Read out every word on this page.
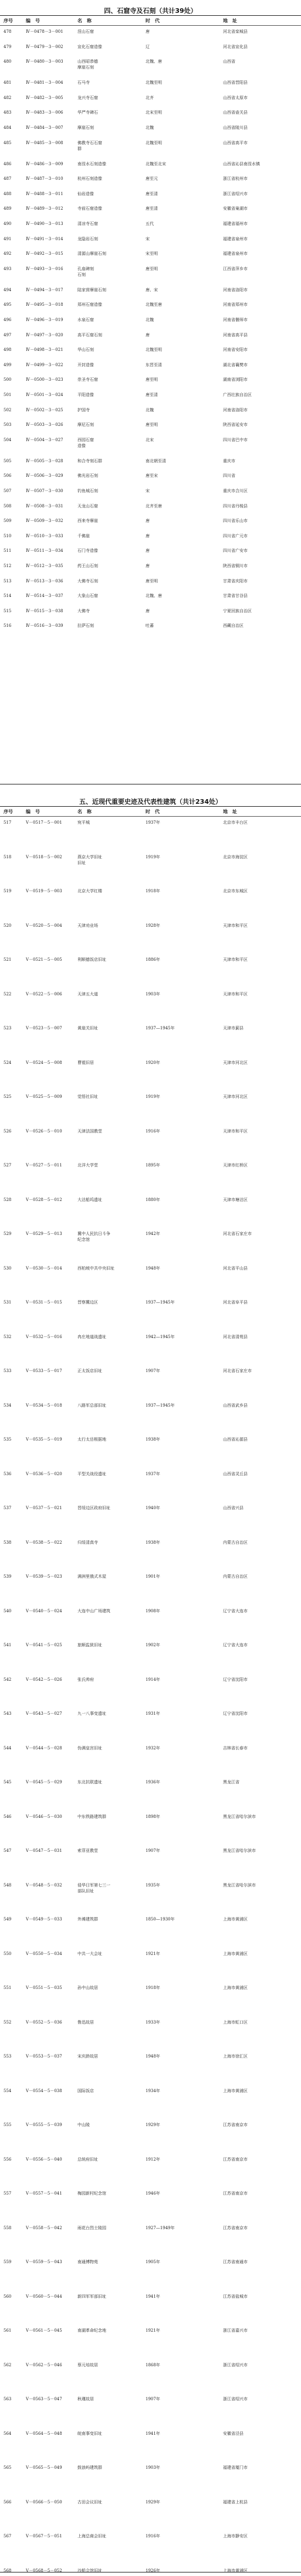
四、石窟寺及石刻（共计39处）
序号	编　号	名　称	时　代	地　址
478	Ⅳ－0478－3－001	涅山石窟	唐	河北省栾城县
479	Ⅳ－0479－3－002	宣化石窟造像	辽	河北省宣化县
480	Ⅳ－0480－3－003	山西昭恭德	北魏、唐	山西省
摩崖石刻
481	Ⅳ－0481－3－004	石马寺	北魏至明	山西省晋阳县
482	Ⅳ－0482－3－005	龙兴寺石窟	北齐	山西省太原市
483	Ⅳ－0483－3－006	华严寺碑石	北宋至明	山西省壶关县
484	Ⅳ－0484－3－007	摩崖石刻	北魏	山西省陵川县
485	Ⅳ－0485－3－008	佛教寺石石窟	北魏至明	山西省高平市
群
486	Ⅳ－0486－3－009	南涅水石刻造像	北魏至北宋	山西省沁县南涅水镇
487	Ⅳ－0487－3－010	杭州石刻造像	唐至元	浙江省杭州市
488	Ⅳ－0488－3－011	仙岩造像	唐至清	浙江省绍兴市
489	Ⅳ－0489－3－012	寺前石窟造像	唐至清	安徽省巢湖市
490	Ⅳ－0490－3－013	清凉寺石窟	五代	福建省福州市
491	Ⅳ－0491－3－014	龙隐岩石刻	宋	福建省泉州市
492	Ⅳ－0492－3－015	清源山摩崖石刻	宋至明	福建省泉州市
493	Ⅳ－0493－3－016	孔庙碑刻	唐至明	江西省萍乡市
石刻
494	Ⅳ－0494－3－017	陆家营摩崖石刻	唐、宋	河南省洛阳市
495	Ⅳ－0495－3－018	郑州石窟造像	北魏至唐	河南省郑州市
496	Ⅳ－0496－3－019	水泉石窟	北魏	河南省偃师市
497	Ⅳ－0497－3－020	高平石窟石刻	唐	河南省高平县
498	Ⅳ－0498－3－021	华山石刻	北魏至明	河南省安阳市
499	Ⅳ－0499－3－022	开封造像	东晋至清	湖北省襄樊市
500	Ⅳ－0500－3－023	崇圣寺石窟	唐至明	湖南省浏阳市
501	Ⅳ－0501－3－024	平阳造像	唐至清	广西壮族自治区
502	Ⅳ－0502－3－025	护国寺	北魏	河南省洛阳市
503	Ⅳ－0503－3－026	摩尼石刻	唐至明	陕西省延安市
504	Ⅳ－0504－3－027	西园石窟	北宋	四川省巴中市
造像
505	Ⅳ－0505－3－028	和合寺刻石群	南北朝至清	重庆市
506	Ⅳ－0506－3－029	佛光岩石刻	唐至宋	四川省
507	Ⅳ－0507－3－030	钓鱼城石刻	宋	重庆市合川区
508	Ⅳ－0508－3－031	天龙山石窟	北齐至唐	四川省丹棱县
509	Ⅳ－0509－3－032	西来寺摩崖	唐	四川省乐山市
510	Ⅳ－0510－3－033	千佛崖	唐	四川省广元市
511	Ⅳ－0511－3－034	石门寺造像	唐	四川省广安市
512	Ⅳ－0512－3－035	药王山石刻	唐	陕西省铜川市
513	Ⅳ－0513－3－036	大佛寺石刻	唐至明	甘肃省庆阳市
514	Ⅳ－0514－3－037	大象山石窟	北魏、唐	甘肃省甘谷县
515	Ⅳ－0515－3－038	大佛寺	唐	宁夏回族自治区
516	Ⅳ－0516－3－039	拉萨石刻	吐蕃	西藏自治区
五、近现代重要史迹及代表性建筑（共计234处）
序号	编　号	名　称	时　代	地　址
517	Ⅴ－0517－5－001	宛平城	1937年	北京市丰台区
518	Ⅴ－0518－5－002	燕京大学旧址	1919年	北京市海淀区
旧址
519	Ⅴ－0519－5－003	北京大学红楼	1918年	北京市东城区
520	Ⅴ－0520－5－004	天津劝业场	1928年	天津市和平区
521	Ⅴ－0521－5－005	利顺德饭店旧址	1886年	天津市和平区
522	Ⅴ－0522－5－006	天津五大道	1903年	天津市和平区
523	Ⅴ－0523－5－007	黄崖关旧址	1937—1945年	天津市蓟县
524	Ⅴ－0524－5－008	曹锟旧居	1920年	天津市河北区
525	Ⅴ－0525－5－009	觉悟社旧址	1919年	天津市河北区
526	Ⅴ－0526－5－010	天津法国教堂	1916年	天津市和平区
527	Ⅴ－0527－5－011	北洋大学堂	1895年	天津市红桥区
528	Ⅴ－0528－5－012	大沽船坞遗址	1880年	天津市塘沽区
529	Ⅴ－0529－5－013	冀中人民抗日斗争	1942年	河北省石家庄市
纪念馆
530	Ⅴ－0530－5－014	西柏坡中共中央旧址	1948年	河北省平山县
531	Ⅴ－0531－5－015	晋察冀边区	1937—1945年	河北省阜平县
532	Ⅴ－0532－5－016	冉庄地道战遗址	1942—1945年	河北省清苑县
533	Ⅴ－0533－5－017	正太饭店旧址	1907年	河北省石家庄市
534	Ⅴ－0534－5－018	八路军总部旧址	1937—1945年	山西省武乡县
535	Ⅴ－0535－5－019	太行太岳根据地	1938年	山西省沁源县
536	Ⅴ－0536－5－020	平型关战役遗址	1937年	山西省灵丘县
537	Ⅴ－0537－5－021	晋绥边区政府旧址	1940年	山西省兴县
538	Ⅴ－0538－5－022	归绥清真寺	1938年	内蒙古自治区
539	Ⅴ－0539－5－023	满洲里俄式木屋	1901年	内蒙古自治区
540	Ⅴ－0540－5－024	大连中山广场建筑	1908年	辽宁省大连市
541	Ⅴ－0541－5－025	旅顺监狱旧址	1902年	辽宁省大连市
542	Ⅴ－0542－5－026	张氏帅府	1914年	辽宁省沈阳市
543	Ⅴ－0543－5－027	九一八事变遗址	1931年	辽宁省沈阳市
544	Ⅴ－0544－5－028	伪满皇宫旧址	1932年	吉林省长春市
545	Ⅴ－0545－5－029	东北抗联遗址	1936年	黑龙江省
546	Ⅴ－0546－5－030	中东铁路建筑群	1898年	黑龙江省哈尔滨市
547	Ⅴ－0547－5－031	索菲亚教堂	1907年	黑龙江省哈尔滨市
548	Ⅴ－0548－5－032	侵华日军第七三一	1935年	黑龙江省哈尔滨市
部队旧址
549	Ⅴ－0549－5－033	外滩建筑群	1850—1930年	上海市黄浦区
550	Ⅴ－0550－5－034	中共一大会址	1921年	上海市黄浦区
551	Ⅴ－0551－5－035	孙中山故居	1918年	上海市黄浦区
552	Ⅴ－0552－5－036	鲁迅故居	1933年	上海市虹口区
553	Ⅴ－0553－5－037	宋庆龄故居	1948年	上海市徐汇区
554	Ⅴ－0554－5－038	国际饭店	1934年	上海市黄浦区
555	Ⅴ－0555－5－039	中山陵	1929年	江苏省南京市
556	Ⅴ－0556－5－040	总统府旧址	1912年	江苏省南京市
557	Ⅴ－0557－5－041	梅园新村纪念馆	1946年	江苏省南京市
558	Ⅴ－0558－5－042	雨花台烈士陵园	1927—1949年	江苏省南京市
559	Ⅴ－0559－5－043	南通博物苑	1905年	江苏省南通市
560	Ⅴ－0560－5－044	新四军军部旧址	1941年	江苏省盐城市
561	Ⅴ－0561－5－045	南湖革命纪念地	1921年	浙江省嘉兴市
562	Ⅴ－0562－5－046	蔡元培故居	1868年	浙江省绍兴市
563	Ⅴ－0563－5－047	秋瑾故居	1907年	浙江省绍兴市
564	Ⅴ－0564－5－048	皖南事变旧址	1941年	安徽省泾县
565	Ⅴ－0565－5－049	鼓浪屿建筑群	1903年	福建省厦门市
566	Ⅴ－0566－5－050	古田会议旧址	1929年	福建省上杭县
567	Ⅴ－0567－5－051	上海总商会旧址	1916年	上海市静安区
568	Ⅴ－0568－5－052	沙船会馆旧址	1926年	上海市黄浦区
